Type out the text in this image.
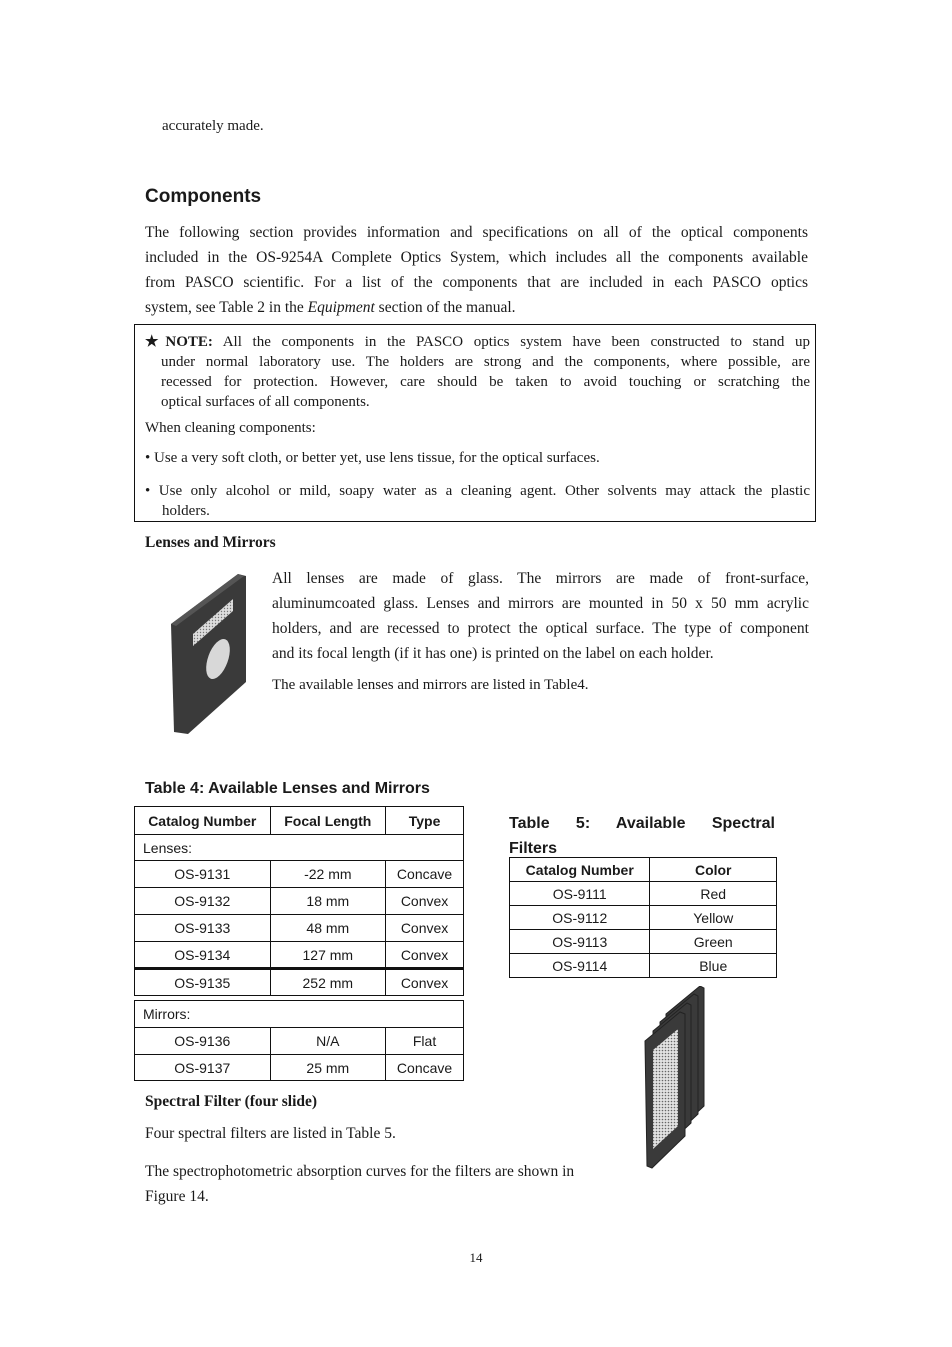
accurately made.
Components
The following section provides information and specifications on all of the optical components
included in the OS-9254A Complete Optics System, which includes all the components available
from PASCO scientific. For a list of the components that are included in each PASCO optics
system, see Table 2 in the Equipment section of the manual.
★NOTE: All the components in the PASCO optics system have been constructed to stand up
under normal laboratory use. The holders are strong and the components, where possible, are
recessed for protection. However, care should be taken to avoid touching or scratching the
optical surfaces of all components.
When cleaning components:
• Use a very soft cloth, or better yet, use lens tissue, for the optical surfaces.
• Use only alcohol or mild, soapy water as a cleaning agent. Other solvents may attack the plastic
holders.
Lenses and Mirrors
All lenses are made of glass. The mirrors are made of front-surface,
aluminumcoated glass. Lenses and mirrors are mounted in 50 x 50 mm acrylic
holders, and are recessed to protect the optical surface. The type of component
and its focal length (if it has one) is printed on the label on each holder.
The available lenses and mirrors are listed in Table4.
Table 4: Available Lenses and Mirrors
Catalog Number	Focal Length	Type
Lenses:		
OS-9131	-22 mm	Concave
OS-9132	18 mm	Convex
OS-9133	48 mm	Convex
OS-9134	127 mm	Convex
OS-9135	252 mm	Convex

Mirrors:		
OS-9136	N/A	Flat
OS-9137	25 mm	Concave
Table 5: Available Spectral
Filters
Catalog Number	Color
OS-9111	Red
OS-9112	Yellow
OS-9113	Green
OS-9114	Blue
Spectral Filter (four slide)
Four spectral filters are listed in Table 5.
The spectrophotometric absorption curves for the filters are shown in Figure 14.
14
